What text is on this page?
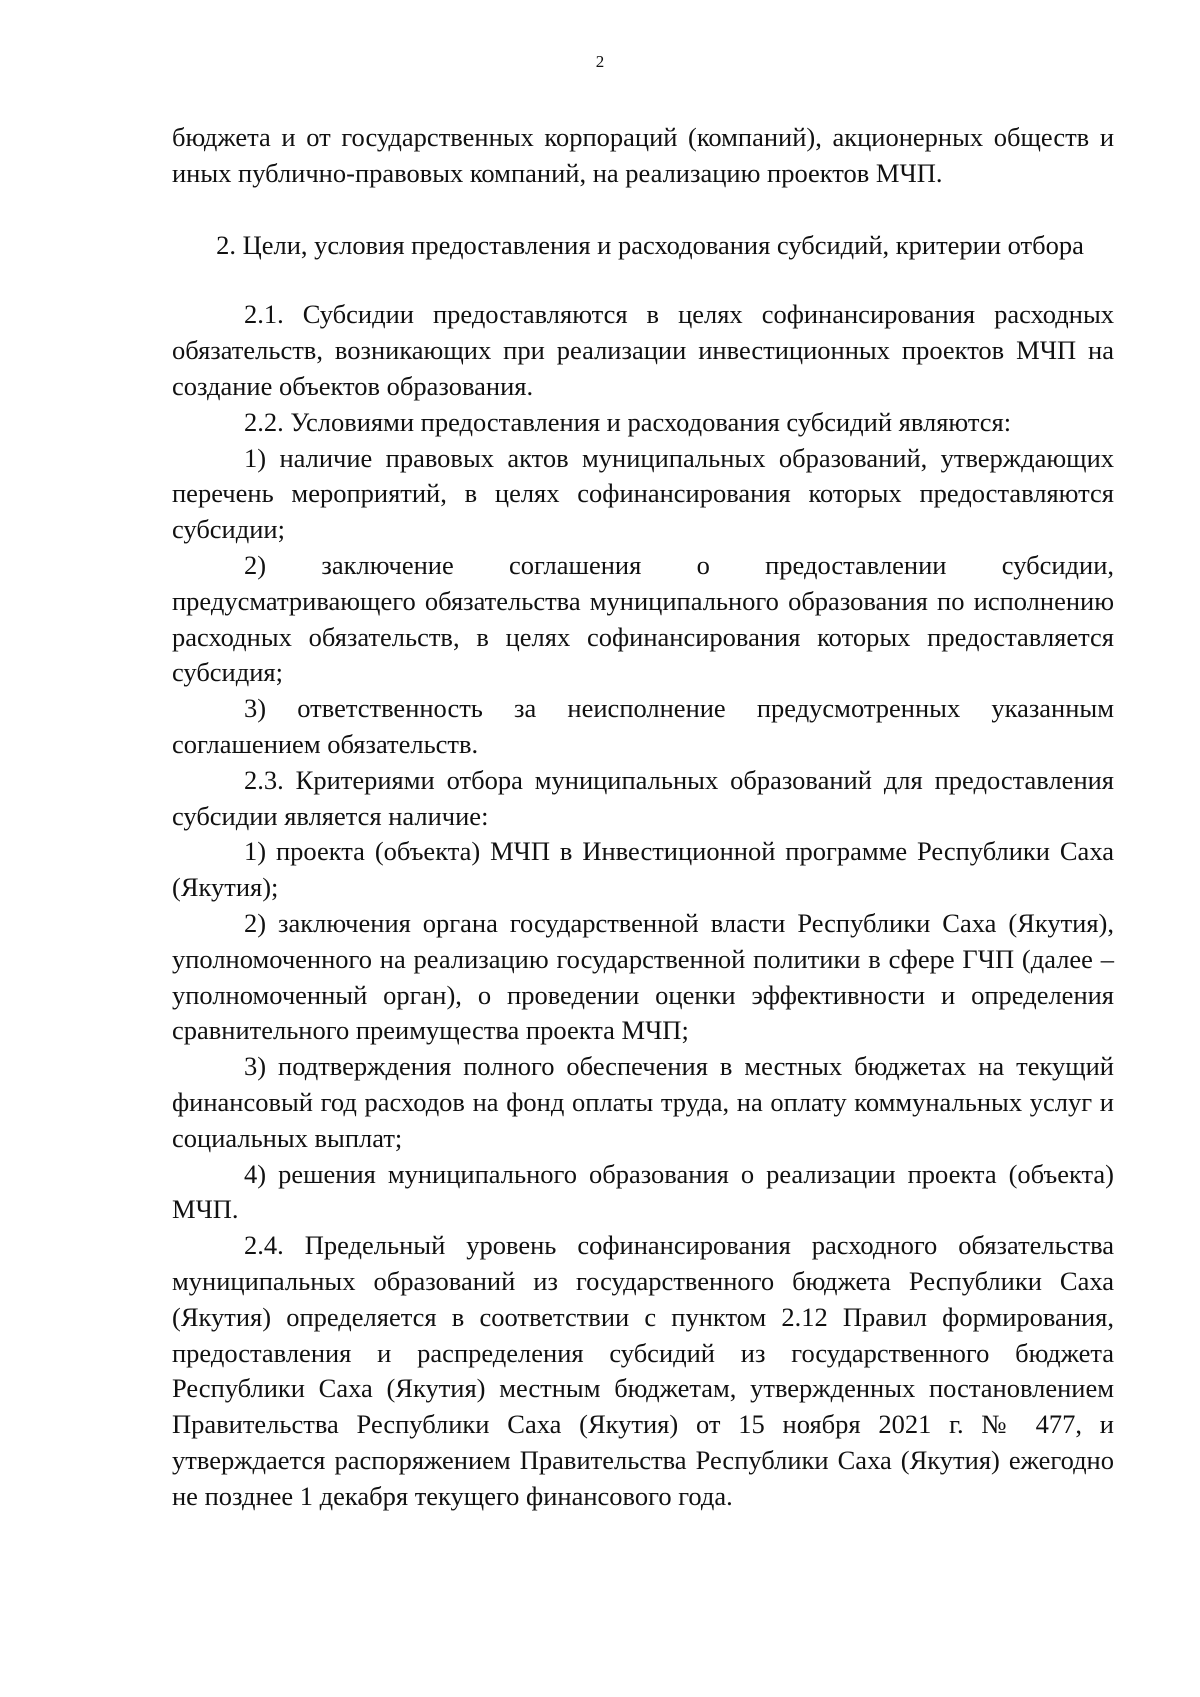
2

бюджета и от государственных корпораций (компаний), акционерных обществ и иных публично-правовых компаний, на реализацию проектов МЧП.

2. Цели, условия предоставления и расходования субсидий, критерии отбора

2.1. Субсидии предоставляются в целях софинансирования расходных обязательств, возникающих при реализации инвестиционных проектов МЧП на создание объектов образования.

2.2. Условиями предоставления и расходования субсидий являются:

1) наличие правовых актов муниципальных образований, утверждающих перечень мероприятий, в целях софинансирования которых предоставляются субсидии;

2) заключение соглашения о предоставлении субсидии, предусматривающего обязательства муниципального образования по исполнению расходных обязательств, в целях софинансирования которых предоставляется субсидия;

3) ответственность за неисполнение предусмотренных указанным соглашением обязательств.

2.3. Критериями отбора муниципальных образований для предоставления субсидии является наличие:

1) проекта (объекта) МЧП в Инвестиционной программе Республики Саха (Якутия);

2) заключения органа государственной власти Республики Саха (Якутия), уполномоченного на реализацию государственной политики в сфере ГЧП (далее – уполномоченный орган), о проведении оценки эффективности и определения сравнительного преимущества проекта МЧП;

3) подтверждения полного обеспечения в местных бюджетах на текущий финансовый год расходов на фонд оплаты труда, на оплату коммунальных услуг и социальных выплат;

4) решения муниципального образования о реализации проекта (объекта) МЧП.

2.4. Предельный уровень софинансирования расходного обязательства муниципальных образований из государственного бюджета Республики Саха (Якутия) определяется в соответствии с пунктом 2.12 Правил формирования, предоставления и распределения субсидий из государственного бюджета Республики Саха (Якутия) местным бюджетам, утвержденных постановлением Правительства Республики Саха (Якутия) от 15 ноября 2021 г. № 477, и утверждается распоряжением Правительства Республики Саха (Якутия) ежегодно не позднее 1 декабря текущего финансового года.
